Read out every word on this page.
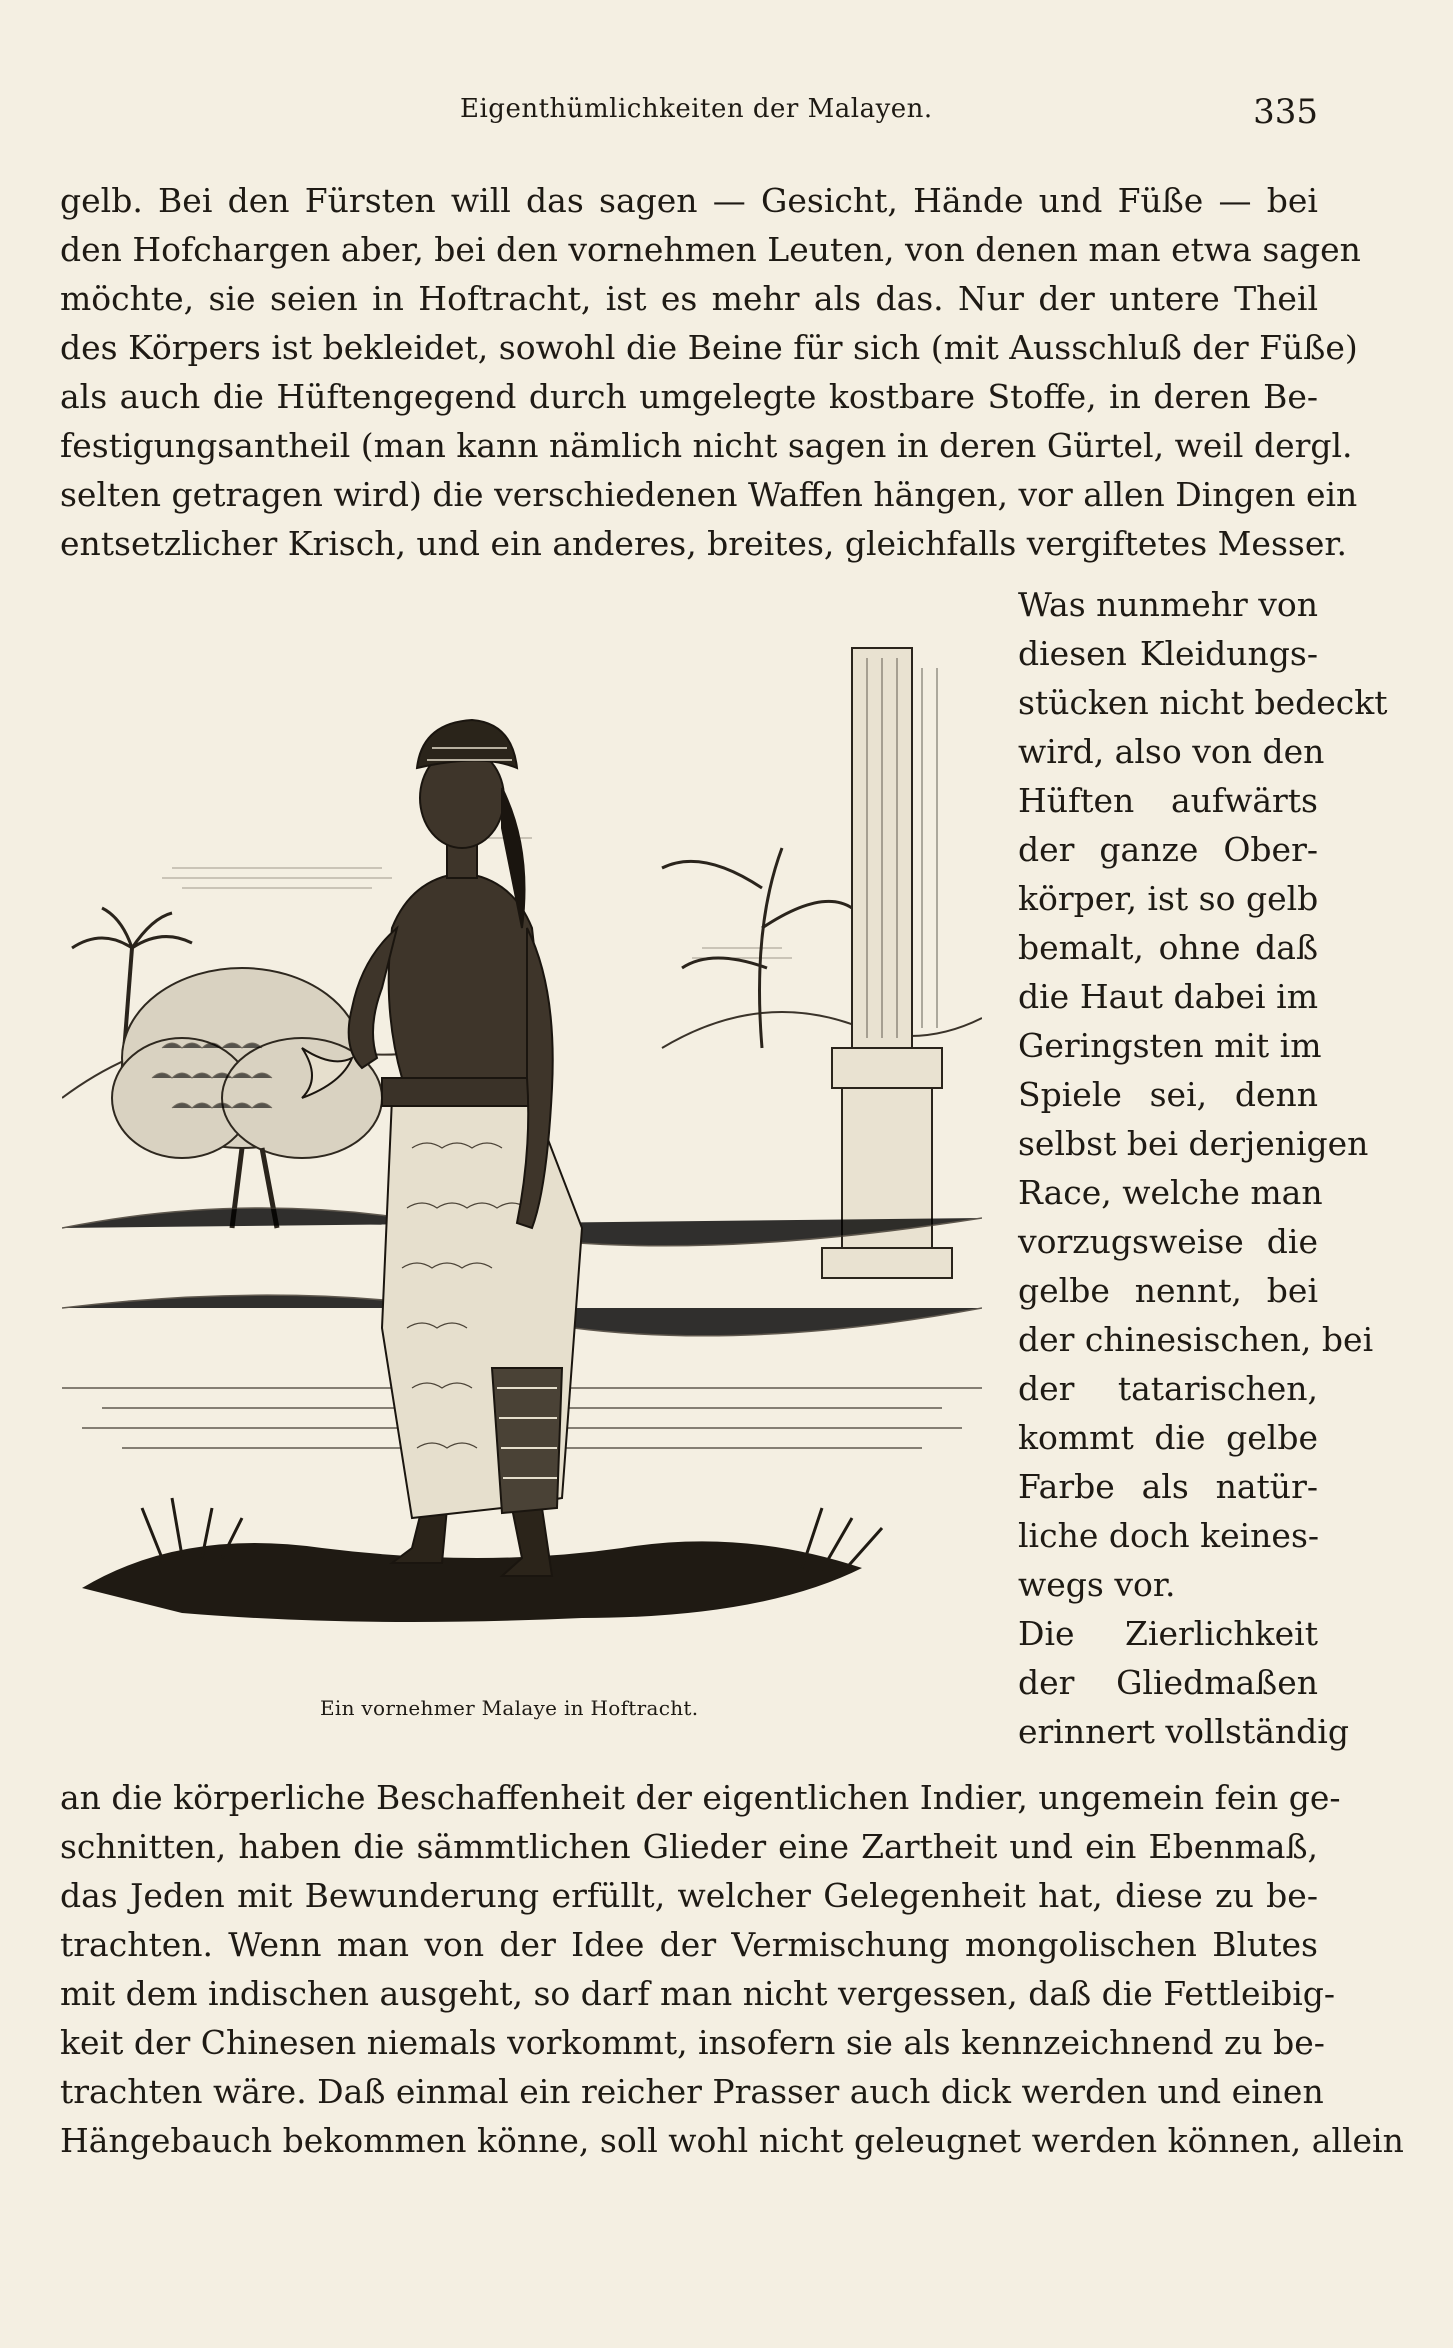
Eigenthümlichkeiten der Malayen.	335
gelb. Bei den Fürsten will das sagen — Gesicht, Hände und Füße — bei
den Hofchargen aber, bei den vornehmen Leuten, von denen man etwa sagen
möchte, sie seien in Hoftracht, ist es mehr als das. Nur der untere Theil
des Körpers ist bekleidet, sowohl die Beine für sich (mit Ausschluß der Füße)
als auch die Hüftengegend durch umgelegte kostbare Stoffe, in deren Be-
festigungsantheil (man kann nämlich nicht sagen in deren Gürtel, weil dergl.
selten getragen wird) die verschiedenen Waffen hängen, vor allen Dingen ein
entsetzlicher Krisch, und ein anderes, breites, gleichfalls vergiftetes Messer.
Ein vornehmer Malaye in Hoftracht.
Was nunmehr von
diesen Kleidungs-
stücken nicht bedeckt
wird, also von den
Hüften aufwärts
der ganze Ober-
körper, ist so gelb
bemalt, ohne daß
die Haut dabei im
Geringsten mit im
Spiele sei, denn
selbst bei derjenigen
Race, welche man
vorzugsweise die
gelbe nennt, bei
der chinesischen, bei
der tatarischen,
kommt die gelbe
Farbe als natür-
liche doch keines-
wegs vor.
Die Zierlichkeit
der Gliedmaßen
erinnert vollständig
an die körperliche Beschaffenheit der eigentlichen Indier, ungemein fein ge-
schnitten, haben die sämmtlichen Glieder eine Zartheit und ein Ebenmaß,
das Jeden mit Bewunderung erfüllt, welcher Gelegenheit hat, diese zu be-
trachten. Wenn man von der Idee der Vermischung mongolischen Blutes
mit dem indischen ausgeht, so darf man nicht vergessen, daß die Fettleibig-
keit der Chinesen niemals vorkommt, insofern sie als kennzeichnend zu be-
trachten wäre. Daß einmal ein reicher Prasser auch dick werden und einen
Hängebauch bekommen könne, soll wohl nicht geleugnet werden können, allein
